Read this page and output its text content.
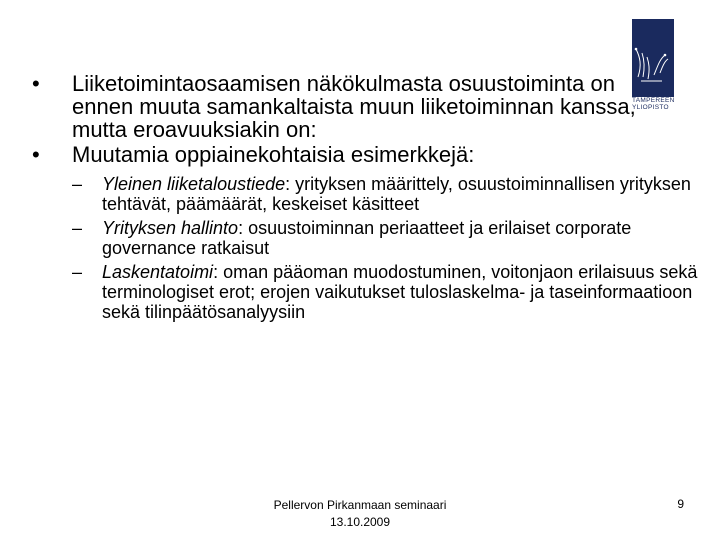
TAMPEREEN
YLIOPISTO
• Liiketoimintaosaamisen näkökulmasta osuustoiminta on ennen muuta samankaltaista muun liiketoiminnan kanssa, mutta eroavuuksiakin on:
• Muutamia oppiainekohtaisia esimerkkejä:
– Yleinen liiketaloustiede: yrityksen määrittely, osuustoiminnallisen yrityksen tehtävät, päämäärät, keskeiset käsitteet
– Yrityksen hallinto: osuustoiminnan periaatteet ja erilaiset corporate governance ratkaisut
– Laskentatoimi: oman pääoman muodostuminen, voitonjaon erilaisuus sekä terminologiset erot; erojen vaikutukset tuloslaskelma- ja taseinformaatioon sekä tilinpäätösanalyysiin
Pellervon Pirkanmaan seminaari
13.10.2009
9
